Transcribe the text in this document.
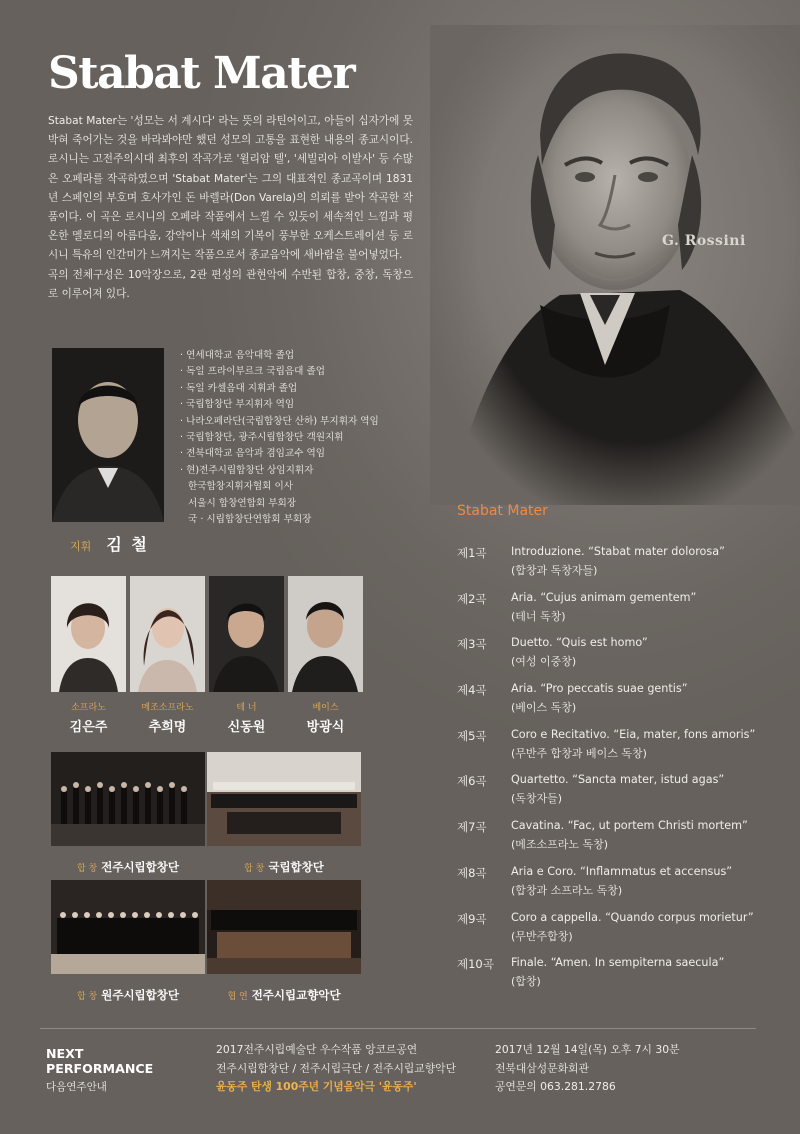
G. Rossini
Stabat Mater

Stabat Mater는 '성모는 서 계시다' 라는 뜻의 라틴어이고, 아들이 십자가에 못 박혀 죽어가는 것을 바라봐야만 했던 성모의 고통을 표현한 내용의 종교시이다. 로시니는 고전주의시대 최후의 작곡가로 '윌리암 텔', '세빌리아 이발사' 등 수많은 오페라를 작곡하였으며 'Stabat Mater'는 그의 대표적인 종교곡이며 1831년 스페인의 부호며 호사가인 돈 바렐라(Don Varela)의 의뢰를 받아 작곡한 작품이다. 이 곡은 로시니의 오페라 작품에서 느낄 수 있듯이 세속적인 느낌과 평온한 멜로디의 아름다움, 강약이나 색채의 기복이 풍부한 오케스트레이션 등 로시니 특유의 인간미가 느껴지는 작품으로서 종교음악에 새바람을 불어넣었다.

곡의 전체구성은 10악장으로, 2관 편성의 관현악에 수반된 합창, 중창, 독창으로 이루어져 있다.

· 연세대학교 음악대학 졸업
· 독일 프라이부르크 국립음대 졸업
· 독일 카셀음대 지휘과 졸업
· 국립합창단 부지휘자 역임
· 나라오페라단(국립합창단 산하) 부지휘자 역임
· 국립합창단, 광주시립합창단 객원지휘
· 전북대학교 음악과 겸임교수 역임
· 현)전주시립합창단 상임지휘자
한국합창지휘자협회 이사
서울시 합창연합회 부회장
국 · 시립합창단연합회 부회장
지휘 김 철
소프라노
김은주
메조소프라노
추희명
테 너
신동원
베이스
방광식
합 창 전주시립합창단	합 창 국립합창단
합 창 원주시립합창단	협 연 전주시립교향악단
Stabat Mater
제1곡 Introduzione. “Stabat mater dolorosa”
(합창과 독창자들)
제2곡 Aria. “Cujus animam gementem”
(테너 독창)
제3곡 Duetto. “Quis est homo”
(여성 이중창)
제4곡 Aria. “Pro peccatis suae gentis”
(베이스 독창)
제5곡 Coro e Recitativo. “Eia, mater, fons amoris”
(무반주 합창과 베이스 독창)
제6곡 Quartetto. “Sancta mater, istud agas”
(독창자들)
제7곡 Cavatina. “Fac, ut portem Christi mortem”
(메조소프라노 독창)
제8곡 Aria e Coro. “Inflammatus et accensus”
(합창과 소프라노 독창)
제9곡 Coro a cappella. “Quando corpus morietur”
(무반주합창)
제10곡 Finale. “Amen. In sempiterna saecula”
(합창)
NEXT
PERFORMANCE
다음연주안내
2017전주시립예술단 우수작품 앙코르공연
전주시립합창단 / 전주시립극단 / 전주시립교향악단
윤동주 탄생 100주년 기념음악극 '윤동주'
2017년 12월 14일(목) 오후 7시 30분
전북대삼성문화회관
공연문의 063.281.2786
